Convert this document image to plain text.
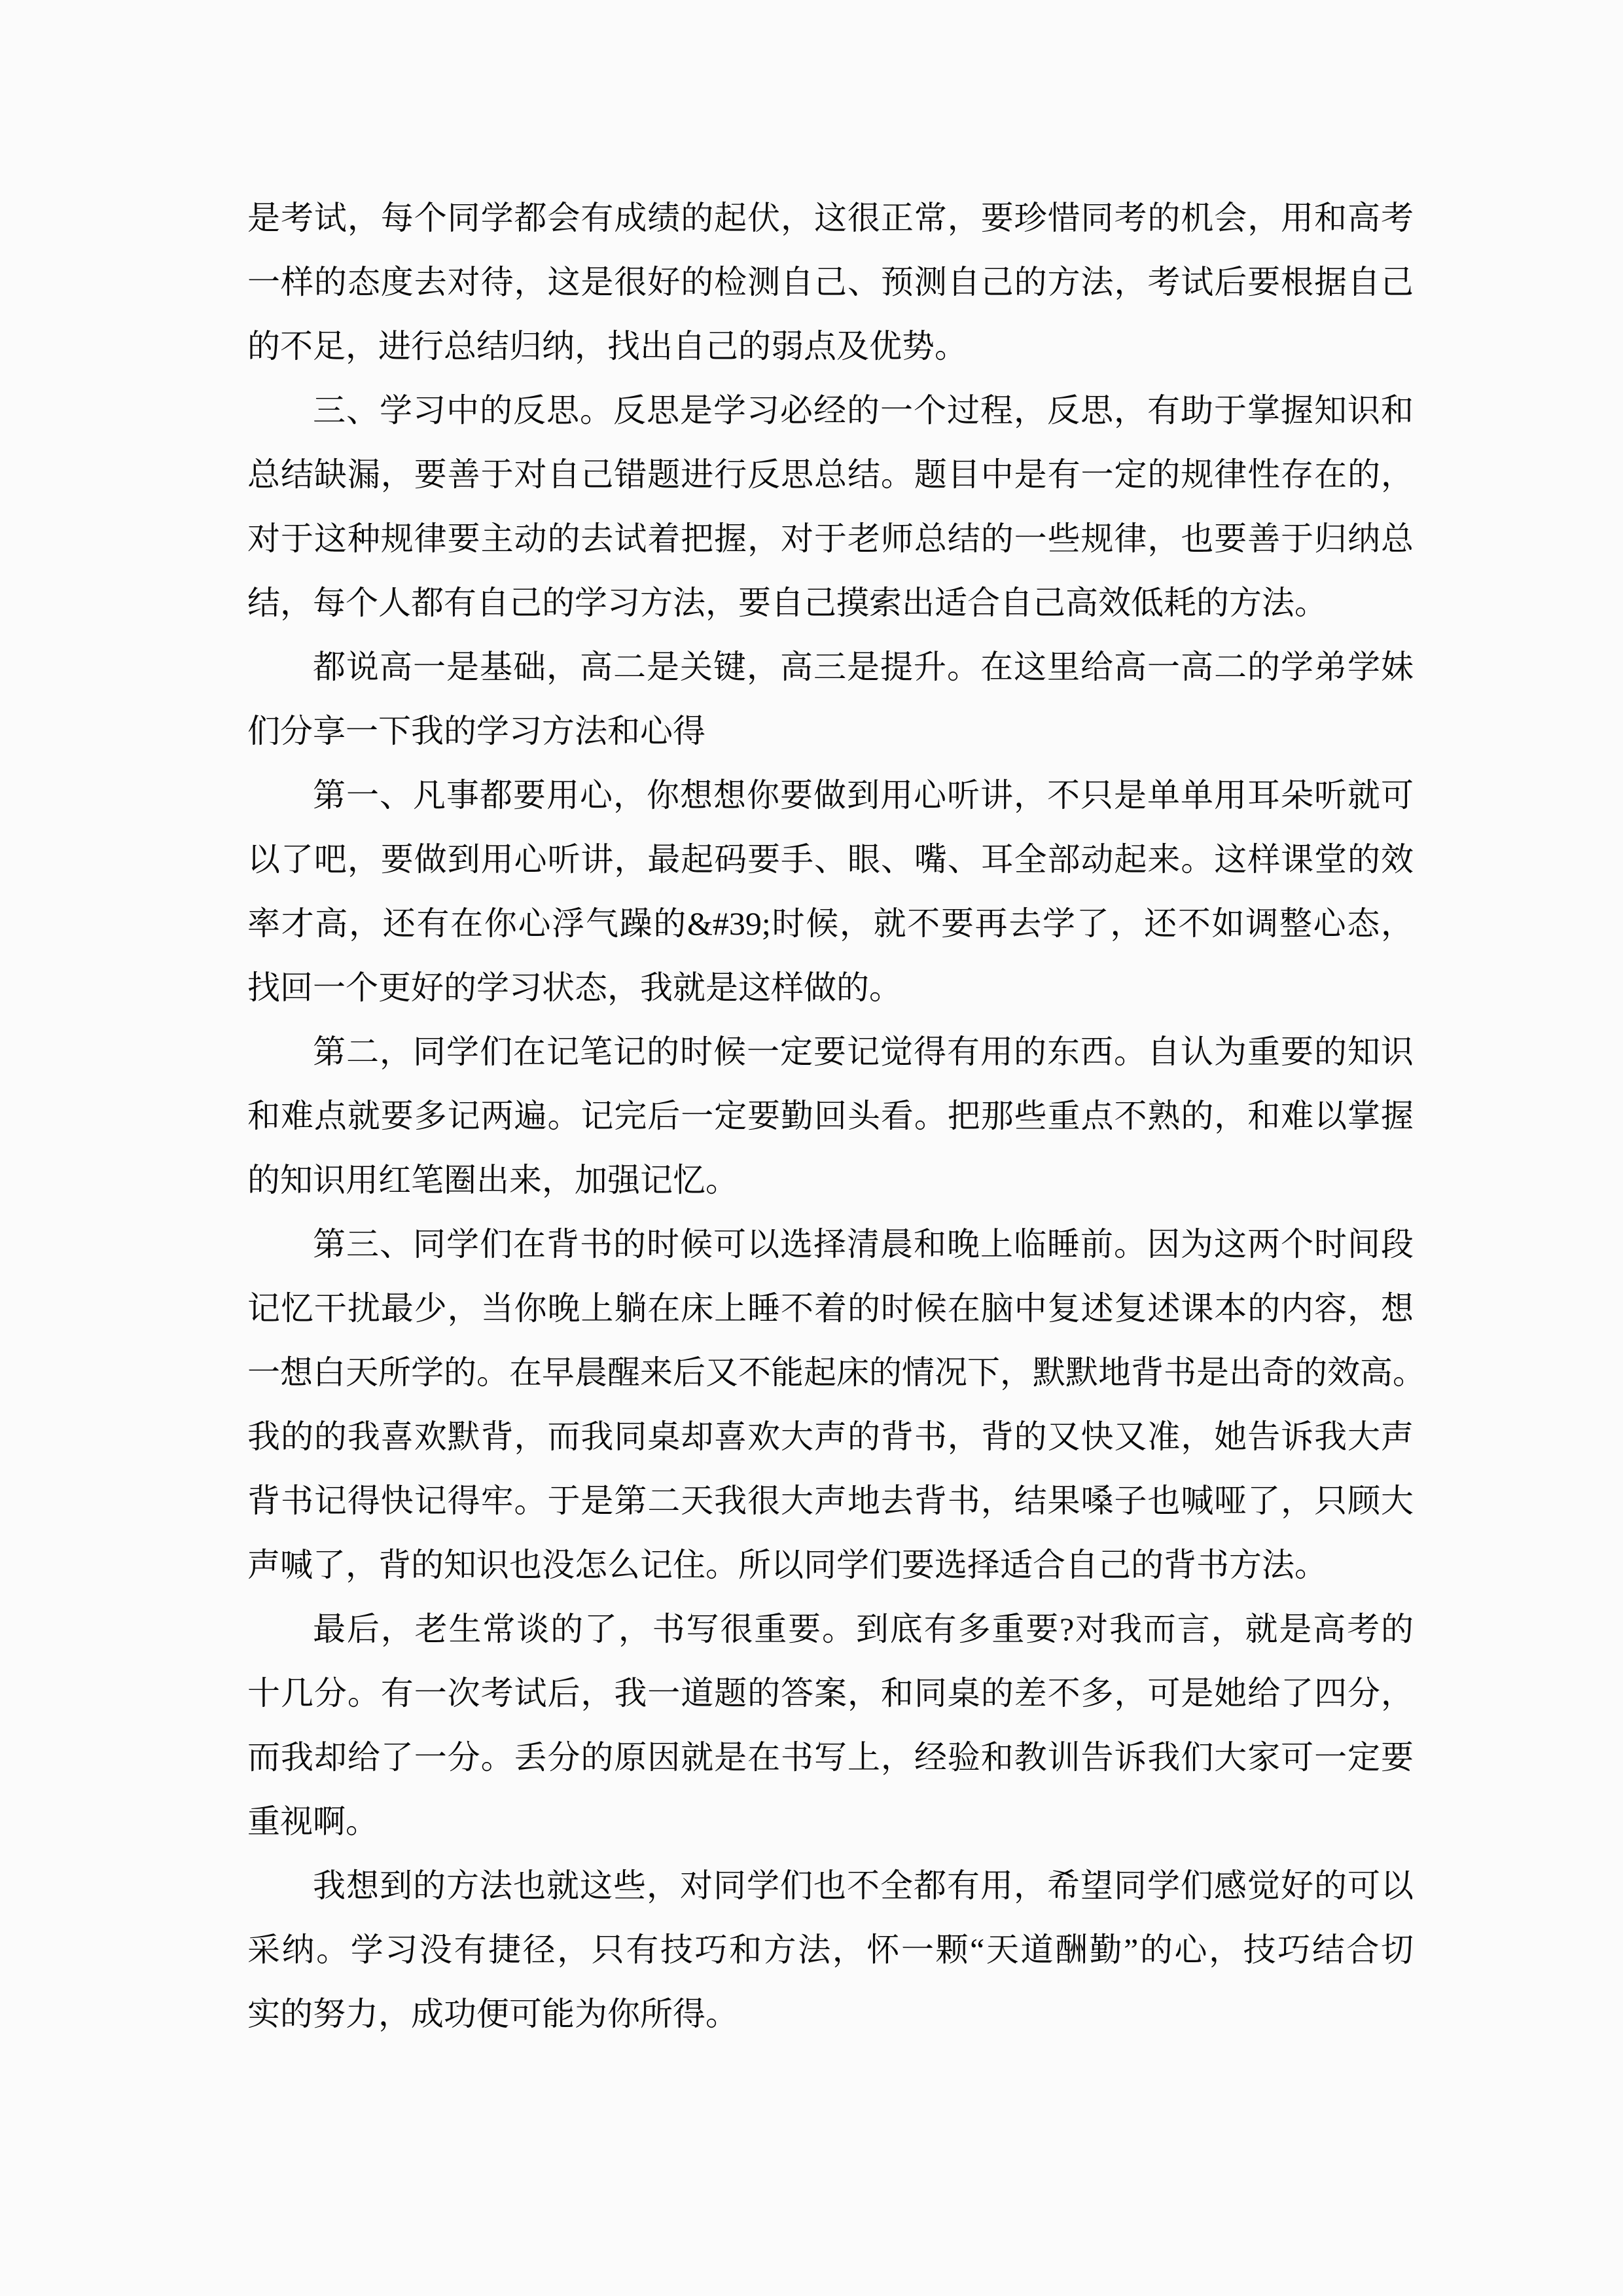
是考试，每个同学都会有成绩的起伏，这很正常，要珍惜同考的机会，用和高考
一样的态度去对待，这是很好的检测自己、预测自己的方法，考试后要根据自己
的不足，进行总结归纳，找出自己的弱点及优势。

三、学习中的反思。反思是学习必经的一个过程，反思，有助于掌握知识和
总结缺漏，要善于对自己错题进行反思总结。题目中是有一定的规律性存在的，
对于这种规律要主动的去试着把握，对于老师总结的一些规律，也要善于归纳总
结，每个人都有自己的学习方法，要自己摸索出适合自己高效低耗的方法。

都说高一是基础，高二是关键，高三是提升。在这里给高一高二的学弟学妹
们分享一下我的学习方法和心得

第一、凡事都要用心，你想想你要做到用心听讲，不只是单单用耳朵听就可
以了吧，要做到用心听讲，最起码要手、眼、嘴、耳全部动起来。这样课堂的效
率才高，还有在你心浮气躁的&#39;时候，就不要再去学了，还不如调整心态，
找回一个更好的学习状态，我就是这样做的。

第二，同学们在记笔记的时候一定要记觉得有用的东西。自认为重要的知识
和难点就要多记两遍。记完后一定要勤回头看。把那些重点不熟的，和难以掌握
的知识用红笔圈出来，加强记忆。

第三、同学们在背书的时候可以选择清晨和晚上临睡前。因为这两个时间段
记忆干扰最少，当你晚上躺在床上睡不着的时候在脑中复述复述课本的内容，想
一想白天所学的。在早晨醒来后又不能起床的情况下，默默地背书是出奇的效高。
我的的我喜欢默背，而我同桌却喜欢大声的背书，背的又快又准，她告诉我大声
背书记得快记得牢。于是第二天我很大声地去背书，结果嗓子也喊哑了，只顾大
声喊了，背的知识也没怎么记住。所以同学们要选择适合自己的背书方法。

最后，老生常谈的了，书写很重要。到底有多重要?对我而言，就是高考的
十几分。有一次考试后，我一道题的答案，和同桌的差不多，可是她给了四分，
而我却给了一分。丢分的原因就是在书写上，经验和教训告诉我们大家可一定要
重视啊。

我想到的方法也就这些，对同学们也不全都有用，希望同学们感觉好的可以
采纳。学习没有捷径，只有技巧和方法，怀一颗“天道酬勤”的心，技巧结合切
实的努力，成功便可能为你所得。
